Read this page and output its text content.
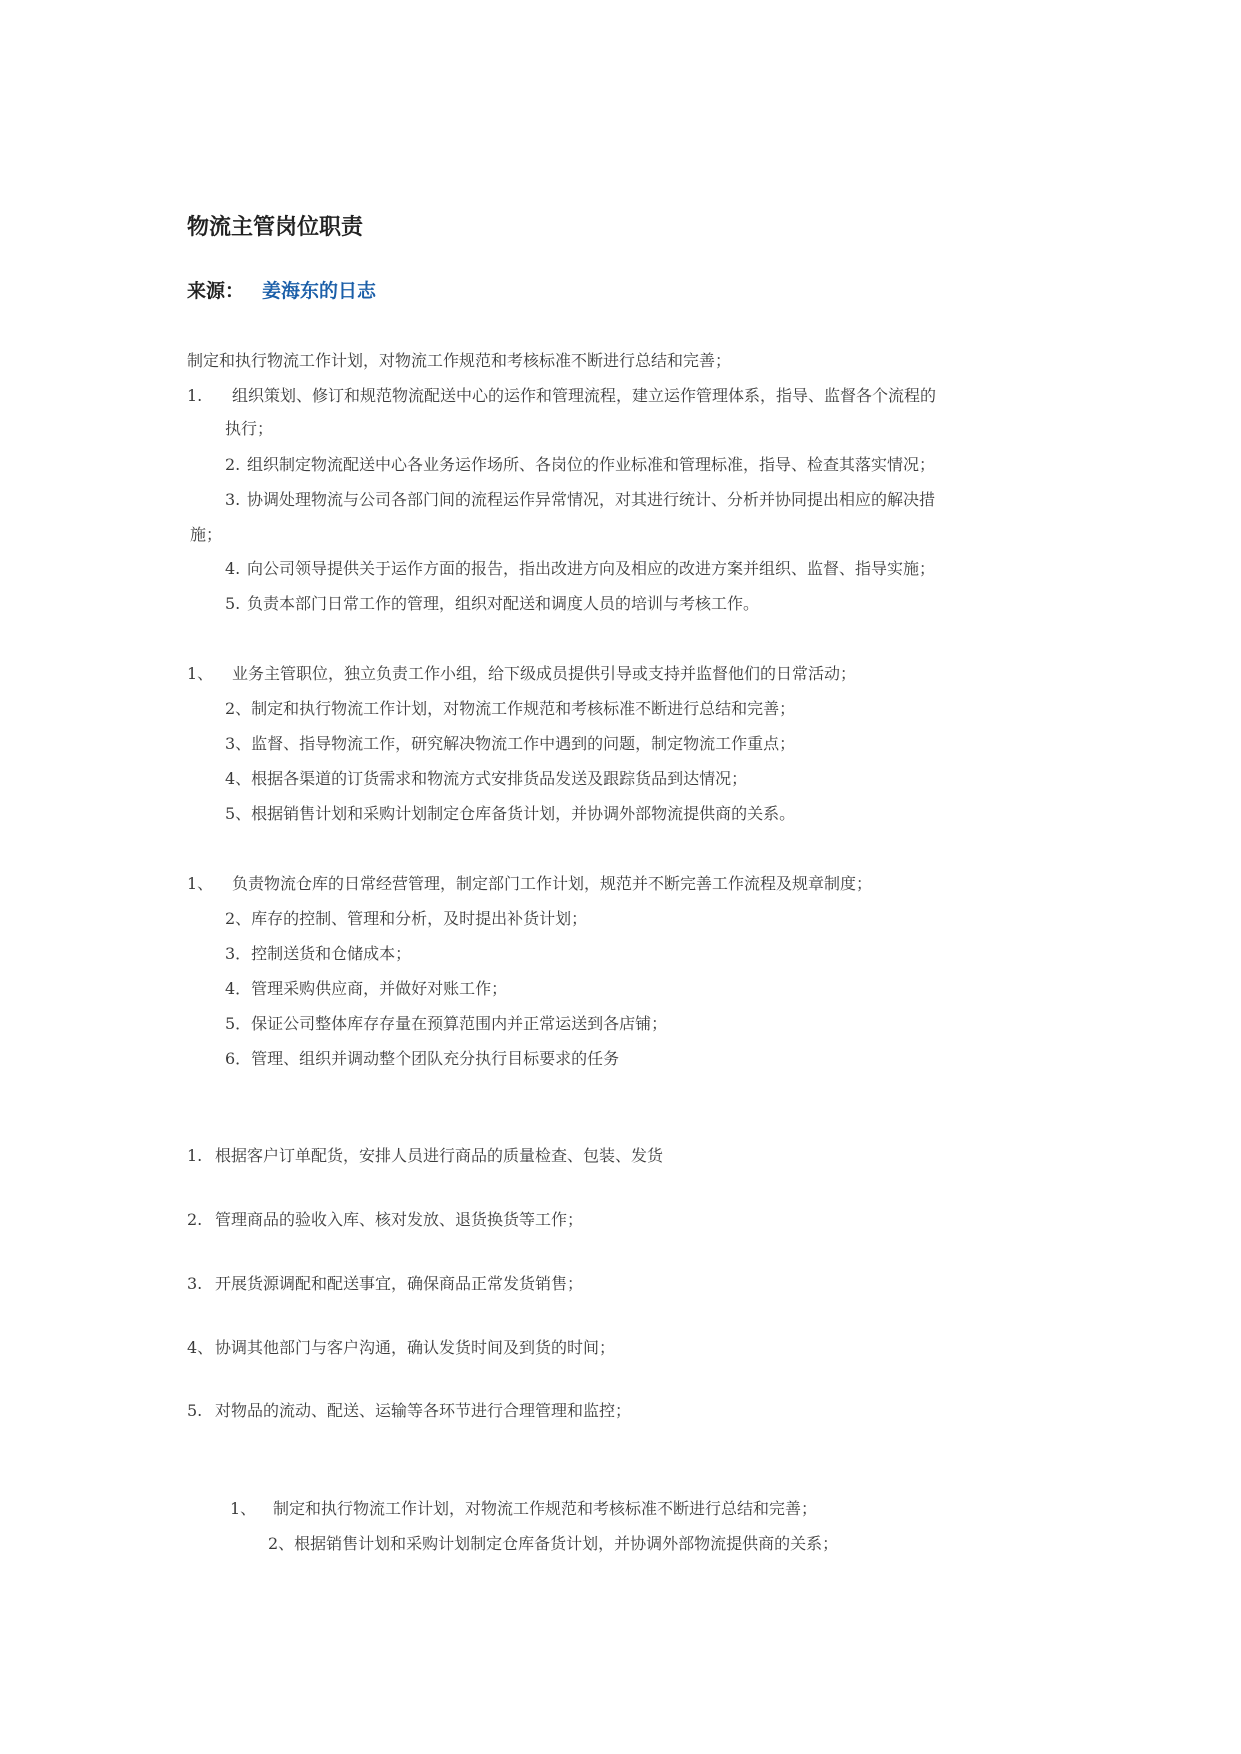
物流主管岗位职责
来源： 姜海东的日志
制定和执行物流工作计划，对物流工作规范和考核标准不断进行总结和完善；
1. 组织策划、修订和规范物流配送中心的运作和管理流程，建立运作管理体系，指导、监督各个流程的
执行；
2. 组织制定物流配送中心各业务运作场所、各岗位的作业标准和管理标准，指导、检查其落实情况；
3. 协调处理物流与公司各部门间的流程运作异常情况，对其进行统计、分析并协同提出相应的解决措
施；
4. 向公司领导提供关于运作方面的报告，指出改进方向及相应的改进方案并组织、监督、指导实施；
5. 负责本部门日常工作的管理，组织对配送和调度人员的培训与考核工作。
1、 业务主管职位，独立负责工作小组，给下级成员提供引导或支持并监督他们的日常活动；
2、制定和执行物流工作计划，对物流工作规范和考核标准不断进行总结和完善；
3、监督、指导物流工作，研究解决物流工作中遇到的问题，制定物流工作重点；
4、根据各渠道的订货需求和物流方式安排货品发送及跟踪货品到达情况；
5、根据销售计划和采购计划制定仓库备货计划，并协调外部物流提供商的关系。
1、 负责物流仓库的日常经营管理，制定部门工作计划，规范并不断完善工作流程及规章制度；
2、库存的控制、管理和分析，及时提出补货计划；
3．控制送货和仓储成本；
4．管理采购供应商，并做好对账工作；
5．保证公司整体库存存量在预算范围内并正常运送到各店铺；
6．管理、组织并调动整个团队充分执行目标要求的任务
1. 根据客户订单配货，安排人员进行商品的质量检查、包装、发货
2. 管理商品的验收入库、核对发放、退货换货等工作；
3. 开展货源调配和配送事宜，确保商品正常发货销售；
4、 协调其他部门与客户沟通，确认发货时间及到货的时间；
5. 对物品的流动、配送、运输等各环节进行合理管理和监控；
1、 制定和执行物流工作计划，对物流工作规范和考核标准不断进行总结和完善；
2、根据销售计划和采购计划制定仓库备货计划，并协调外部物流提供商的关系；
